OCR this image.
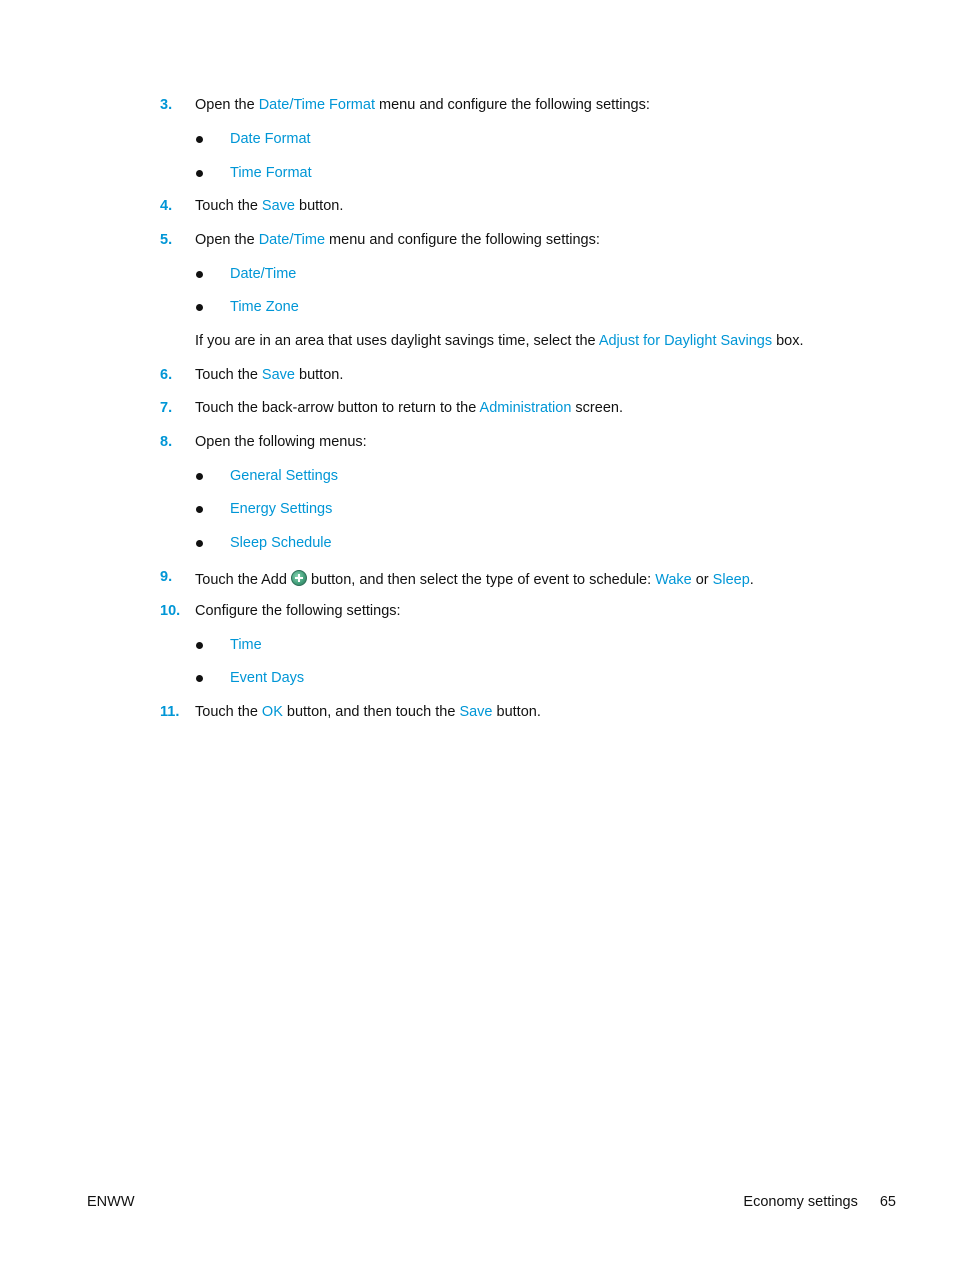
3.	Open the Date/Time Format menu and configure the following settings:
Date Format
Time Format
4.	Touch the Save button.
5.	Open the Date/Time menu and configure the following settings:
Date/Time
Time Zone
If you are in an area that uses daylight savings time, select the Adjust for Daylight Savings box.
6.	Touch the Save button.
7.	Touch the back-arrow button to return to the Administration screen.
8.	Open the following menus:
General Settings
Energy Settings
Sleep Schedule
9.	Touch the Add  button, and then select the type of event to schedule: Wake or Sleep.
10.	Configure the following settings:
Time
Event Days
11.	Touch the OK button, and then touch the Save button.
ENWW	Economy settings 65
